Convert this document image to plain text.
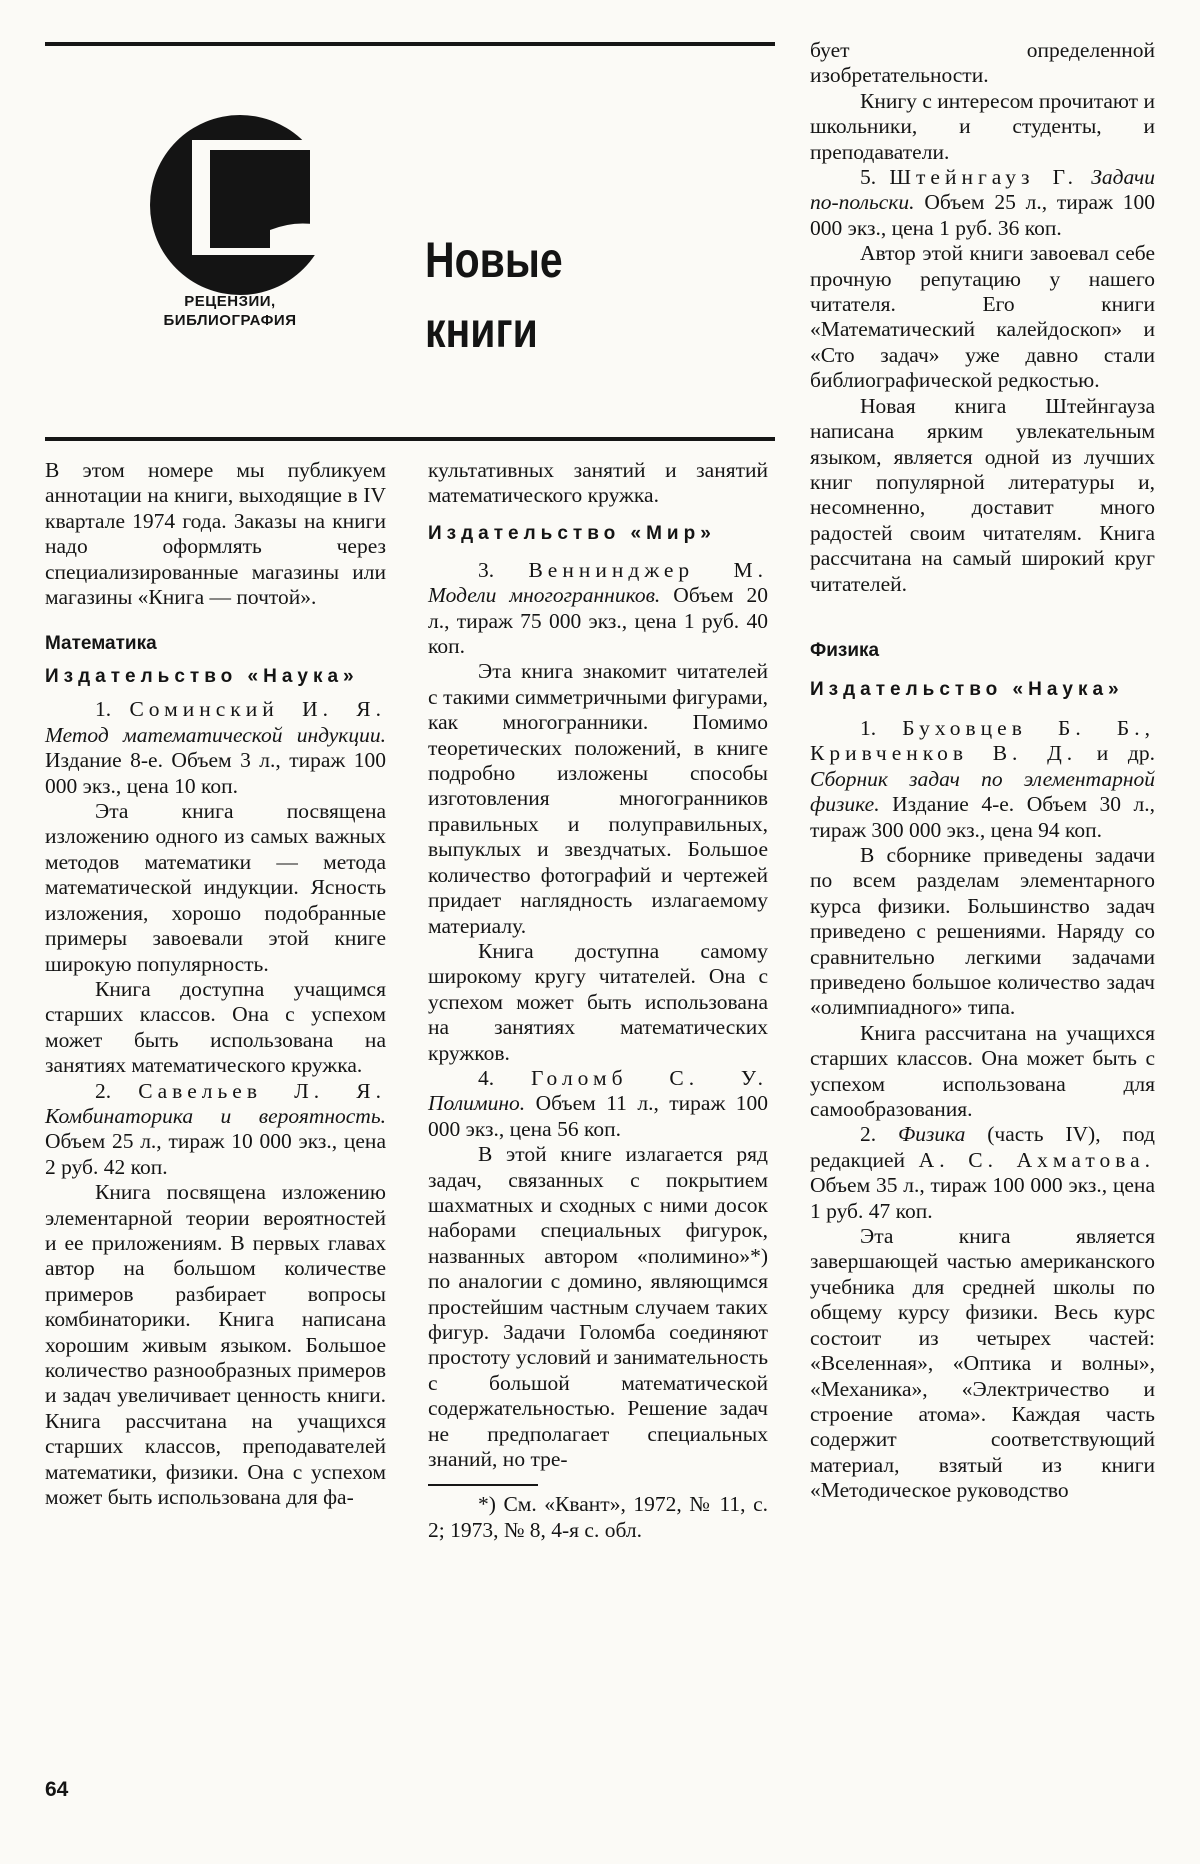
РЕЦЕНЗИИ,
БИБЛИОГРАФИЯ
Новые
книги

В этом номере мы публикуем аннотации на книги, выходящие в IV квартале 1974 года. Заказы на книги надо оформлять через специализированные магазины или магазины «Книга — почтой».

Математика

Издательство «Наука»

1. Соминский И. Я. Метод математической индукции. Издание 8-е. Объем 3 л., тираж 100 000 экз., цена 10 коп.

Эта книга посвящена изложению одного из самых важных методов математики — метода математической индукции. Ясность изложения, хорошо подобранные примеры завоевали этой книге широкую популярность.

Книга доступна учащимся старших классов. Она с успехом может быть использована на занятиях математического кружка.

2. Савельев Л. Я. Комбинаторика и вероятность. Объем 25 л., тираж 10 000 экз., цена 2 руб. 42 коп.

Книга посвящена изложению элементарной теории вероятностей и ее приложениям. В первых главах автор на большом количестве примеров разбирает вопросы комбинаторики. Книга написана хорошим живым языком. Большое количество разнообразных примеров и задач увеличивает ценность книги. Книга рассчитана на учащихся старших классов, преподавателей математики, физики. Она с успехом может быть использована для фа-

культативных занятий и занятий математического кружка.

Издательство «Мир»

3. Веннинджер М. Модели многогранников. Объем 20 л., тираж 75 000 экз., цена 1 руб. 40 коп.

Эта книга знакомит читателей с такими симметричными фигурами, как многогранники. Помимо теоретических положений, в книге подробно изложены способы изготовления многогранников правильных и полуправильных, выпуклых и звездчатых. Большое количество фотографий и чертежей придает наглядность излагаемому материалу.

Книга доступна самому широкому кругу читателей. Она с успехом может быть использована на занятиях математических кружков.

4. Голомб С. У. Полимино. Объем 11 л., тираж 100 000 экз., цена 56 коп.

В этой книге излагается ряд задач, связанных с покрытием шахматных и сходных с ними досок наборами специальных фигурок, названных автором «полимино»*) по аналогии с домино, являющимся простейшим частным случаем таких фигур. Задачи Голомба соединяют простоту условий и занимательность с большой математической содержательностью. Решение задач не предполагает специальных знаний, но тре-

*) См. «Квант», 1972, № 11, с. 2; 1973, № 8, 4-я с. обл.

бует определенной изобретательности.

Книгу с интересом прочитают и школьники, и студенты, и преподаватели.

5. Штейнгауз Г. Задачи по-польски. Объем 25 л., тираж 100 000 экз., цена 1 руб. 36 коп.

Автор этой книги завоевал себе прочную репутацию у нашего читателя. Его книги «Математический калейдоскоп» и «Сто задач» уже давно стали библиографической редкостью.

Новая книга Штейнгауза написана ярким увлекательным языком, является одной из лучших книг популярной литературы и, несомненно, доставит много радостей своим читателям. Книга рассчитана на самый широкий круг читателей.

Физика

Издательство «Наука»

1. Буховцев Б. Б., Кривченков В. Д. и др. Сборник задач по элементарной физике. Издание 4-е. Объем 30 л., тираж 300 000 экз., цена 94 коп.

В сборнике приведены задачи по всем разделам элементарного курса физики. Большинство задач приведено с решениями. Наряду со сравнительно легкими задачами приведено большое количество задач «олимпиадного» типа.

Книга рассчитана на учащихся старших классов. Она может быть с успехом использована для самообразования.

2. Физика (часть IV), под редакцией А. С. Ахматова. Объем 35 л., тираж 100 000 экз., цена 1 руб. 47 коп.

Эта книга является завершающей частью американского учебника для средней школы по общему курсу физики. Весь курс состоит из четырех частей: «Вселенная», «Оптика и волны», «Механика», «Электричество и строение атома». Каждая часть содержит соответствующий материал, взятый из книги «Методическое руководство

64
